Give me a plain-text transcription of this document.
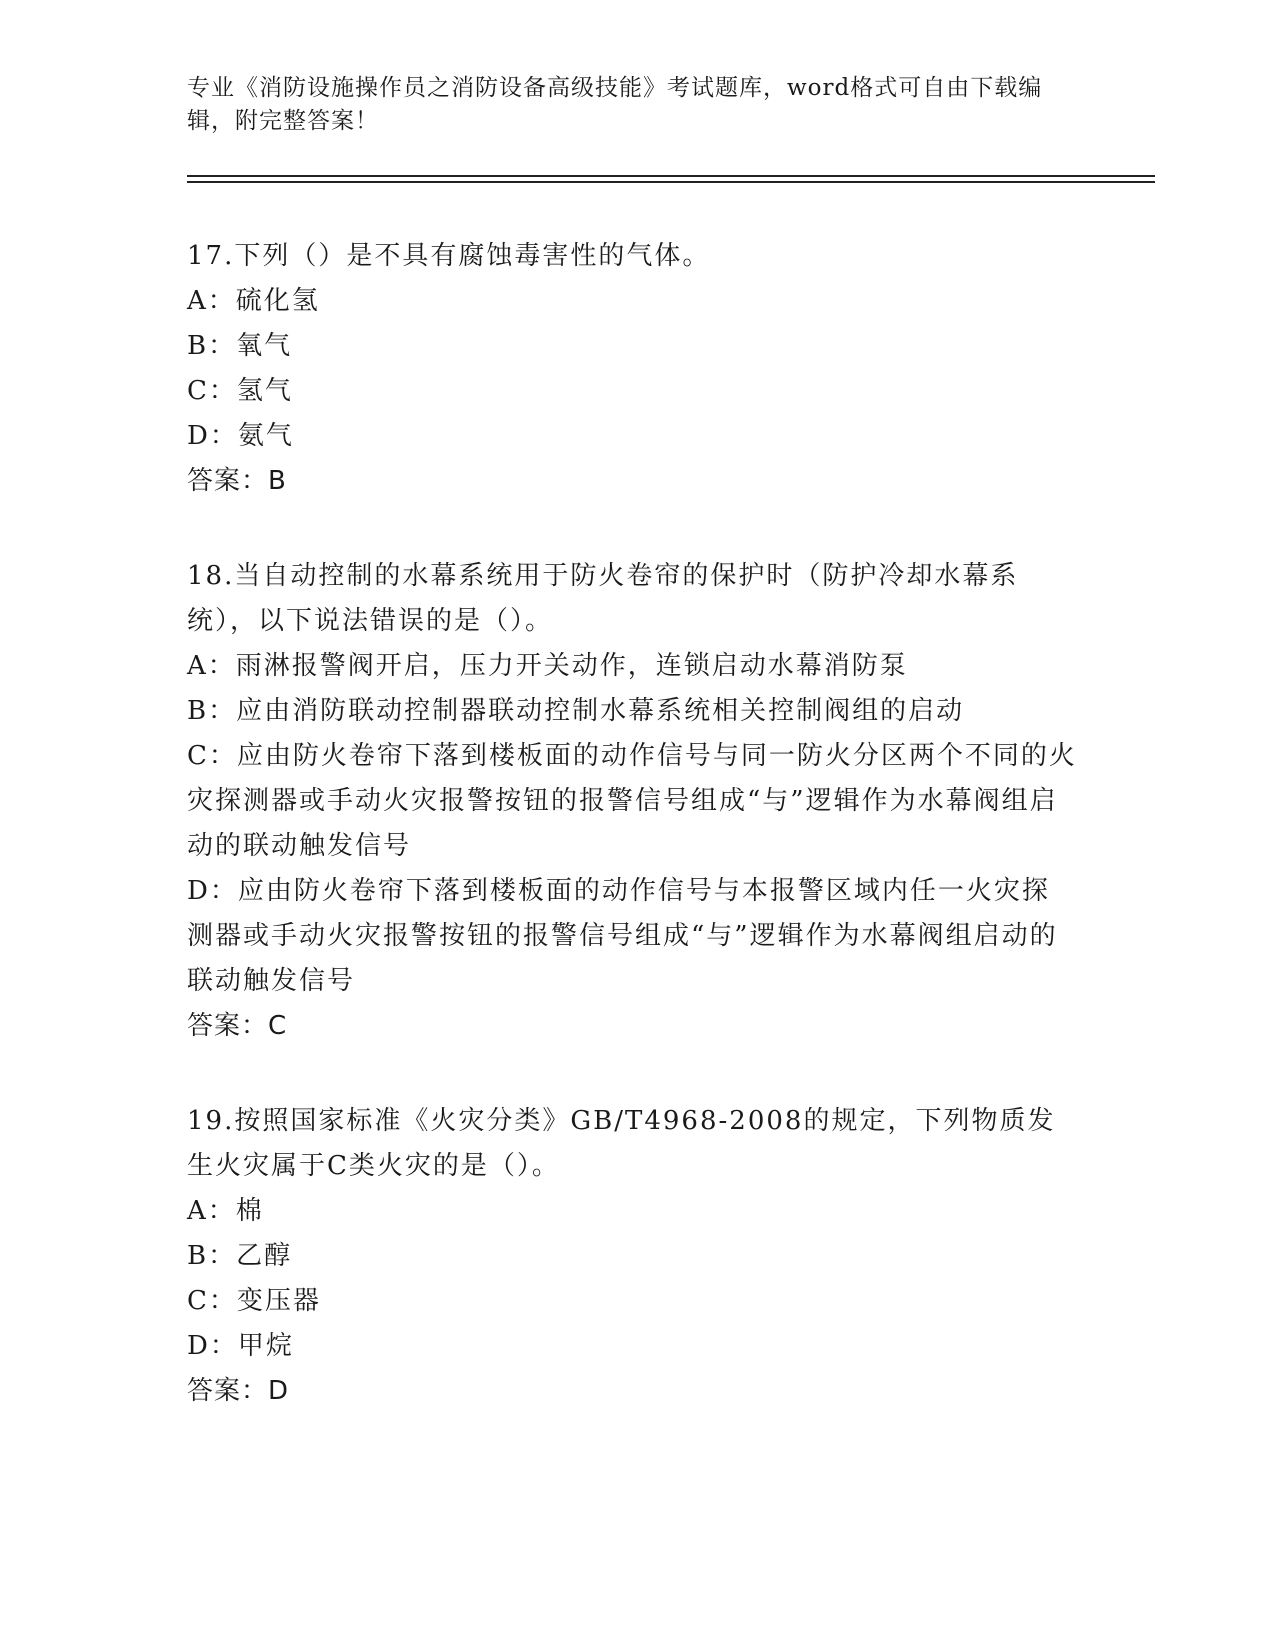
专业《消防设施操作员之消防设备高级技能》考试题库，word格式可自由下载编辑，附完整答案！

17.下列（）是不具有腐蚀毒害性的气体。

A：硫化氢

B：氧气

C：氢气

D：氨气

答案：B

18.当自动控制的水幕系统用于防火卷帘的保护时（防护冷却水幕系统），以下说法错误的是（）。

A：雨淋报警阀开启，压力开关动作，连锁启动水幕消防泵

B：应由消防联动控制器联动控制水幕系统相关控制阀组的启动

C：应由防火卷帘下落到楼板面的动作信号与同一防火分区两个不同的火灾探测器或手动火灾报警按钮的报警信号组成“与”逻辑作为水幕阀组启动的联动触发信号

D：应由防火卷帘下落到楼板面的动作信号与本报警区域内任一火灾探测器或手动火灾报警按钮的报警信号组成“与”逻辑作为水幕阀组启动的联动触发信号

答案：C

19.按照国家标准《火灾分类》GB/T4968-2008的规定，下列物质发生火灾属于C类火灾的是（）。

A：棉

B：乙醇

C：变压器

D：甲烷

答案：D
